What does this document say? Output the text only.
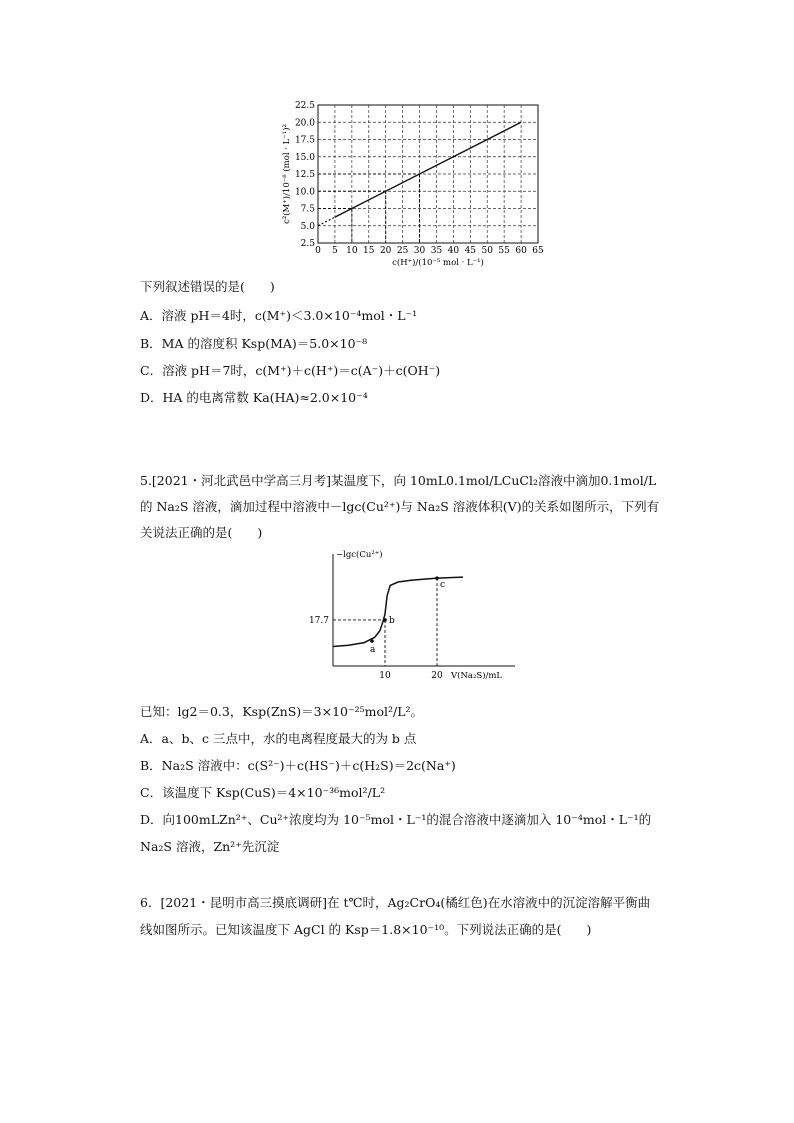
0 5 10 15 20 25 30 35 40 45 50 55 60 65
2.5
5.0
7.5
10.0
12.5
15.0
17.5
20.0
22.5
c(H⁺)/(10⁻⁵ mol · L⁻¹)
c²(M⁺)/10⁻⁸ (mol · L⁻¹)²
下列叙述错误的是(　　)
A．溶液 pH＝4时，c(M⁺)＜3.0×10⁻⁴mol・L⁻¹
B．MA 的溶度积 Ksp(MA)＝5.0×10⁻⁸
C．溶液 pH＝7时，c(M⁺)＋c(H⁺)＝c(A⁻)＋c(OH⁻)
D．HA 的电离常数 Ka(HA)≈2.0×10⁻⁴
5.[2021・河北武邑中学高三月考]某温度下，向 10mL0.1mol/LCuCl₂溶液中滴加0.1mol/L的 Na₂S 溶液，滴加过程中溶液中－lgc(Cu²⁺)与 Na₂S 溶液体积(V)的关系如图所示，下列有关说法正确的是(　　)
a
b
c
17.7
10	20
−lgc(Cu²⁺)
V(Na₂S)/mL
已知：lg2＝0.3，Ksp(ZnS)＝3×10⁻²⁵mol²/L²。
A．a、b、c 三点中，水的电离程度最大的为 b 点
B．Na₂S 溶液中：c(S²⁻)＋c(HS⁻)＋c(H₂S)＝2c(Na⁺)
C．该温度下 Ksp(CuS)＝4×10⁻³⁶mol²/L²
D．向100mLZn²⁺、Cu²⁺浓度均为 10⁻⁵mol・L⁻¹的混合溶液中逐滴加入 10⁻⁴mol・L⁻¹的Na₂S 溶液，Zn²⁺先沉淀
6．[2021・昆明市高三摸底调研]在 t℃时，Ag₂CrO₄(橘红色)在水溶液中的沉淀溶解平衡曲线如图所示。已知该温度下 AgCl 的 Ksp＝1.8×10⁻¹⁰。下列说法正确的是(　　)
